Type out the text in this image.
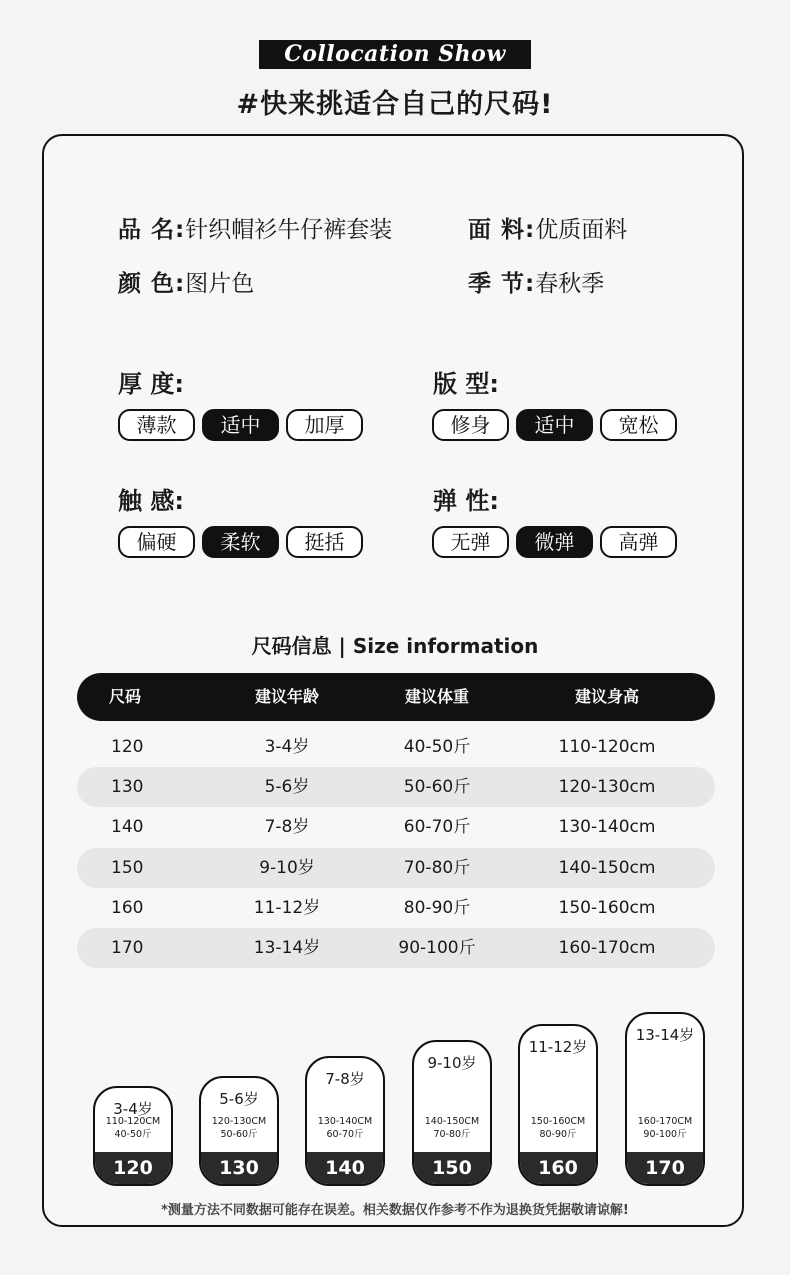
Collocation Show
#快来挑适合自己的尺码!
品 名:针织帽衫牛仔裤套装	面 料:优质面料
颜 色:图片色	季 节:春秋季
厚 度:
薄款	适中	加厚
版 型:
修身	适中	宽松
触 感:
偏硬	柔软	挺括
弹 性:
无弹	微弹	高弹
尺码信息 | Size information
尺码	建议年龄	建议体重	建议身高
120	3-4岁	40-50斤	110-120cm
130	5-6岁	50-60斤	120-130cm
140	7-8岁	60-70斤	130-140cm
150	9-10岁	70-80斤	140-150cm
160	11-12岁	80-90斤	150-160cm
170	13-14岁	90-100斤	160-170cm
3-4岁
110-120CM
40-50斤
120
5-6岁
120-130CM
50-60斤
130
7-8岁
130-140CM
60-70斤
140
9-10岁
140-150CM
70-80斤
150
11-12岁
150-160CM
80-90斤
160
13-14岁
160-170CM
90-100斤
170
*测量方法不同数据可能存在误差。相关数据仅作参考不作为退换货凭据敬请谅解!
